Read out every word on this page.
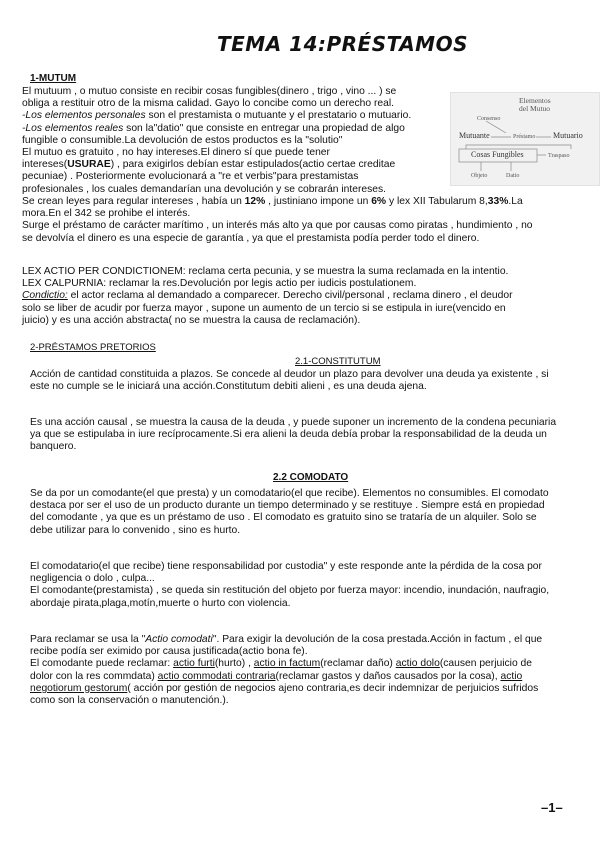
TEMA 14:PRÉSTAMOS
1-MUTUM

El mutuum , o mutuo consiste en recibir cosas fungibles(dinero , trigo , vino ... ) se

obliga a restituir otro de la misma calidad. Gayo lo concibe como un derecho real.

-Los elementos personales son el prestamista o mutuante y el prestatario o mutuario.

-Los elementos reales son la"datio" que consiste en entregar una propiedad de algo

fungible o consumible.La devolución de estos productos es la "solutio"

El mutuo es gratuito , no hay intereses.El dinero sí que puede tener

intereses(USURAE) , para exigirlos debían estar estipulados(actio certae creditae

pecuniae) . Posteriormente evolucionará a "re et verbis"para prestamistas

profesionales , los cuales demandarían una devolución y se cobrarán intereses.

Se crean leyes para regular intereses , había un 12% , justiniano impone un 6% y lex XII Tabularum 8,33%.La

mora.En el 342 se prohibe el interés.

Surge el préstamo de carácter marítimo , un interés más alto ya que por causas como piratas , hundimiento , no

se devolvía el dinero es una especie de garantía , ya que el prestamista podía perder todo el dinero.

Elementos
del Mutuo
Consenso
Mutuante	Préstamo Mutuario
Cosas Fungibles	Traspaso
Objeto	Datio

LEX ACTIO PER CONDICTIONEM: reclama certa pecunia, y se muestra la suma reclamada en la intentio.

LEX CALPURNIA: reclamar la res.Devolución por legis actio per iudicis postulationem.

Condictio: el actor reclama al demandado a comparecer. Derecho civil/personal , reclama dinero , el deudor

solo se liber de acudir por fuerza mayor , supone un aumento de un tercio si se estipula in iure(vencido en

juicio) y es una acción abstracta( no se muestra la causa de reclamación).

2-PRÉSTAMOS PRETORIOS
2.1-CONSTITUTUM

Acción de cantidad constituida a plazos. Se concede al deudor un plazo para devolver una deuda ya existente , si

este no cumple se le iniciará una acción.Constitutum debiti alieni , es una deuda ajena.

Es una acción causal , se muestra la causa de la deuda , y puede suponer un incremento de la condena pecuniaria

ya que se estipulaba in iure recíprocamente.Si era alieni la deuda debía probar la responsabilidad de la deuda un

banquero.

2.2 COMODATO

Se da por un comodante(el que presta) y un comodatario(el que recibe). Elementos no consumibles. El comodato

destaca por ser el uso de un producto durante un tiempo determinado y se restituye . Siempre está en propiedad

del comodante , ya que es un préstamo de uso . El comodato es gratuito sino se trataría de un alquiler. Solo se

debe utilizar para lo convenido , sino es hurto.

El comodatario(el que recibe) tiene responsabilidad por custodia" y este responde ante la pérdida de la cosa por

negligencia o dolo , culpa...

El comodante(prestamista) , se queda sin restitución del objeto por fuerza mayor: incendio, inundación, naufragio,

abordaje pirata,plaga,motín,muerte o hurto con violencia.

Para reclamar se usa la "Actio comodati". Para exigir la devolución de la cosa prestada.Acción in factum , el que

recibe podía ser eximido por causa justificada(actio bona fe).

El comodante puede reclamar: actio furti(hurto) , actio in factum(reclamar daño) actio dolo(causen perjuicio de

dolor con la res commdata) actio commodati contraria(reclamar gastos y daños causados por la cosa), actio

negotiorum gestorum( acción por gestión de negocios ajeno contraria,es decir indemnizar de perjuicios sufridos

como son la conservación o manutención.).

–1–
